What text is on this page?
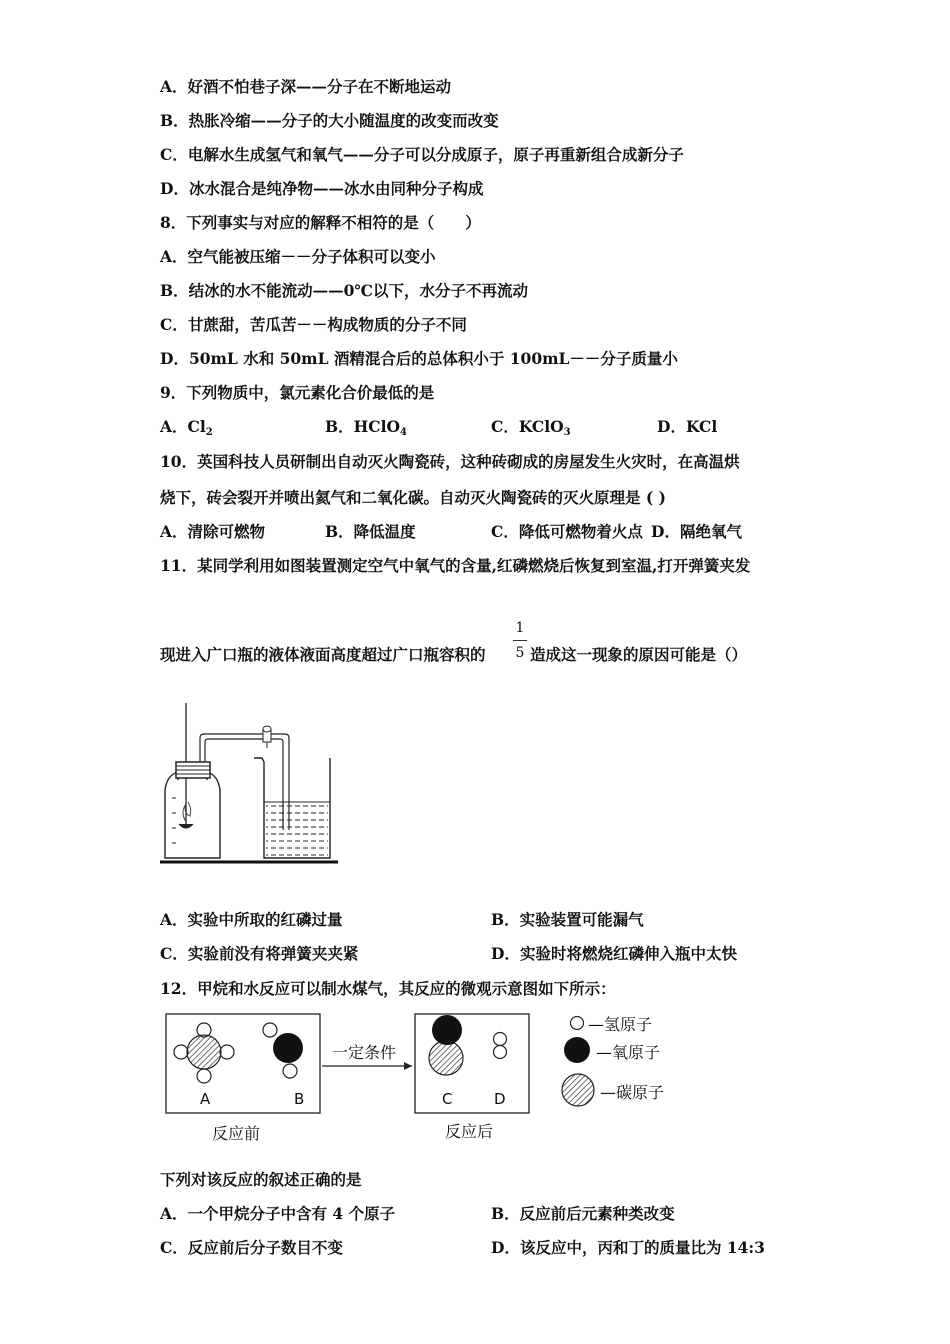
A．好酒不怕巷子深——分子在不断地运动
B．热胀冷缩——分子的大小随温度的改变而改变
C．电解水生成氢气和氧气——分子可以分成原子，原子再重新组合成新分子
D．冰水混合是纯净物——冰水由同种分子构成
8．下列事实与对应的解释不相符的是（　　）
A．空气能被压缩－－分子体积可以变小
B．结冰的水不能流动——0℃以下，水分子不再流动
C．甘蔗甜，苦瓜苦－－构成物质的分子不同
D．50mL 水和 50mL 酒精混合后的总体积小于 100mL－－分子质量小
9．下列物质中，氯元素化合价最低的是
A．$Cl_2$	B．HClO$_4$	C．KClO$_3$	D．KCl
10．英国科技人员研制出自动灭火陶瓷砖，这种砖砌成的房屋发生火灾时，在高温烘
烧下，砖会裂开并喷出氦气和二氧化碳。自动灭火陶瓷砖的灭火原理是 ( )
A．清除可燃物	B．降低温度	C．降低可燃物着火点 D．隔绝氧气
11．某同学利用如图装置测定空气中氧气的含量,红磷燃烧后恢复到室温,打开弹簧夹发
现进入广口瓶的液体液面高度超过广口瓶容积的
1
5 造成这一现象的原因可能是（）
A．实验中所取的红磷过量	B．实验装置可能漏气
C．实验前没有将弹簧夹夹紧	D．实验时将燃烧红磷伸入瓶中太快
12．甲烷和水反应可以制水煤气，其反应的微观示意图如下所示：
A	B	C	D
一定条件
反应前	反应后
—氢原子
—氧原子
—碳原子
下列对该反应的叙述正确的是
A．一个甲烷分子中含有 4 个原子	B．反应前后元素种类改变
C．反应前后分子数目不变	D．该反应中，丙和丁的质量比为 14:3
